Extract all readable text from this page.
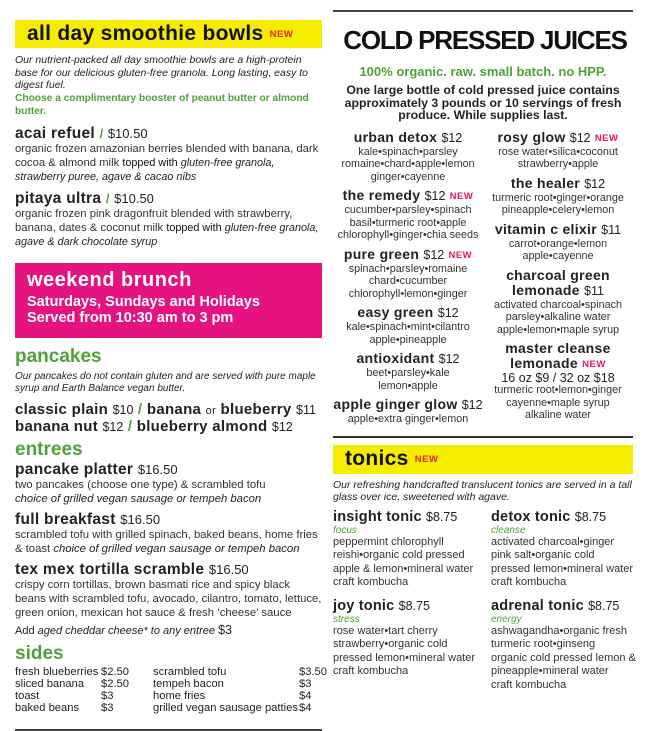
all day smoothie bowls NEW
Our nutrient-packed all day smoothie bowls are a high-protein base for our delicious gluten-free granola. Long lasting, easy to digest fuel.
Choose a complimentary booster of peanut butter or almond butter.
acai refuel / $10.50
organic frozen amazonian berries blended with banana, dark cocoa & almond milk topped with gluten-free granola, strawberry puree, agave & cacao nibs
pitaya ultra / $10.50
organic frozen pink dragonfruit blended with strawberry, banana, dates & coconut milk topped with gluten-free granola, agave & dark chocolate syrup
weekend brunch

Saturdays, Sundays and Holidays

Served from 10:30 am to 3 pm

pancakes
Our pancakes do not contain gluten and are served with pure maple syrup and Earth Balance vegan butter.
classic plain $10 / banana or blueberry $11
banana nut $12 / blueberry almond $12
entrees
pancake platter $16.50
two pancakes (choose one type) & scrambled tofu
choice of grilled vegan sausage or tempeh bacon
full breakfast $16.50
scrambled tofu with grilled spinach, baked beans, home fries & toast choice of grilled vegan sausage or tempeh bacon
tex mex tortilla scramble $16.50
crispy corn tortillas, brown basmati rice and spicy black beans with scrambled tofu, avocado, cilantro, tomato, lettuce, green onion, mexican hot sauce & fresh ‘cheese’ sauce
Add aged cheddar cheese* to any entree $3
sides
fresh blueberries $2.50	scrambled tofu	$3.50
sliced banana	$2.50	tempeh bacon	$3
toast	$3	home fries	$4
baked beans	$3	grilled vegan sausage patties $4
COLD PRESSED JUICES
100% organic. raw. small batch. no HPP.
One large bottle of cold pressed juice contains approximately 3 pounds or 10 servings of fresh produce. While supplies last.
urban detox $12
kale•spinach•parsley
romaine•chard•apple•lemon
ginger•cayenne
the remedy $12 NEW
cucumber•parsley•spinach
basil•turmeric root•apple
chlorophyll•ginger•chia seeds
pure green $12 NEW
spinach•parsley•romaine
chard•cucumber
chlorophyll•lemon•ginger
easy green $12
kale•spinach•mint•cilantro
apple•pineapple
antioxidant $12
beet•parsley•kale
lemon•apple
apple ginger glow $12
apple•extra ginger•lemon
rosy glow $12 NEW
rose water•silica•coconut
strawberry•apple
the healer $12
turmeric root•ginger•orange
pineapple•celery•lemon
vitamin c elixir $11
carrot•orange•lemon
apple•cayenne
charcoal green lemonade $11
activated charcoal•spinach
parsley•alkaline water
apple•lemon•maple syrup
master cleanse lemonade NEW
16 oz $9 / 32 oz $18
turmeric root•lemon•ginger
cayenne•maple syrup
alkaline water
tonics NEW
Our refreshing handcrafted translucent tonics are served in a tall glass over ice, sweetened with agave.
insight tonic $8.75
focus
peppermint chlorophyll
reishi•organic cold pressed
apple & lemon•mineral water
craft kombucha
detox tonic $8.75
cleanse
activated charcoal•ginger
pink salt•organic cold
pressed lemon•mineral water
craft kombucha
joy tonic $8.75
stress
rose water•tart cherry
strawberry•organic cold
pressed lemon•mineral water
craft kombucha
adrenal tonic $8.75
energy
ashwagandha•organic fresh
turmeric root•ginseng
organic cold pressed lemon &
pineapple•mineral water
craft kombucha
